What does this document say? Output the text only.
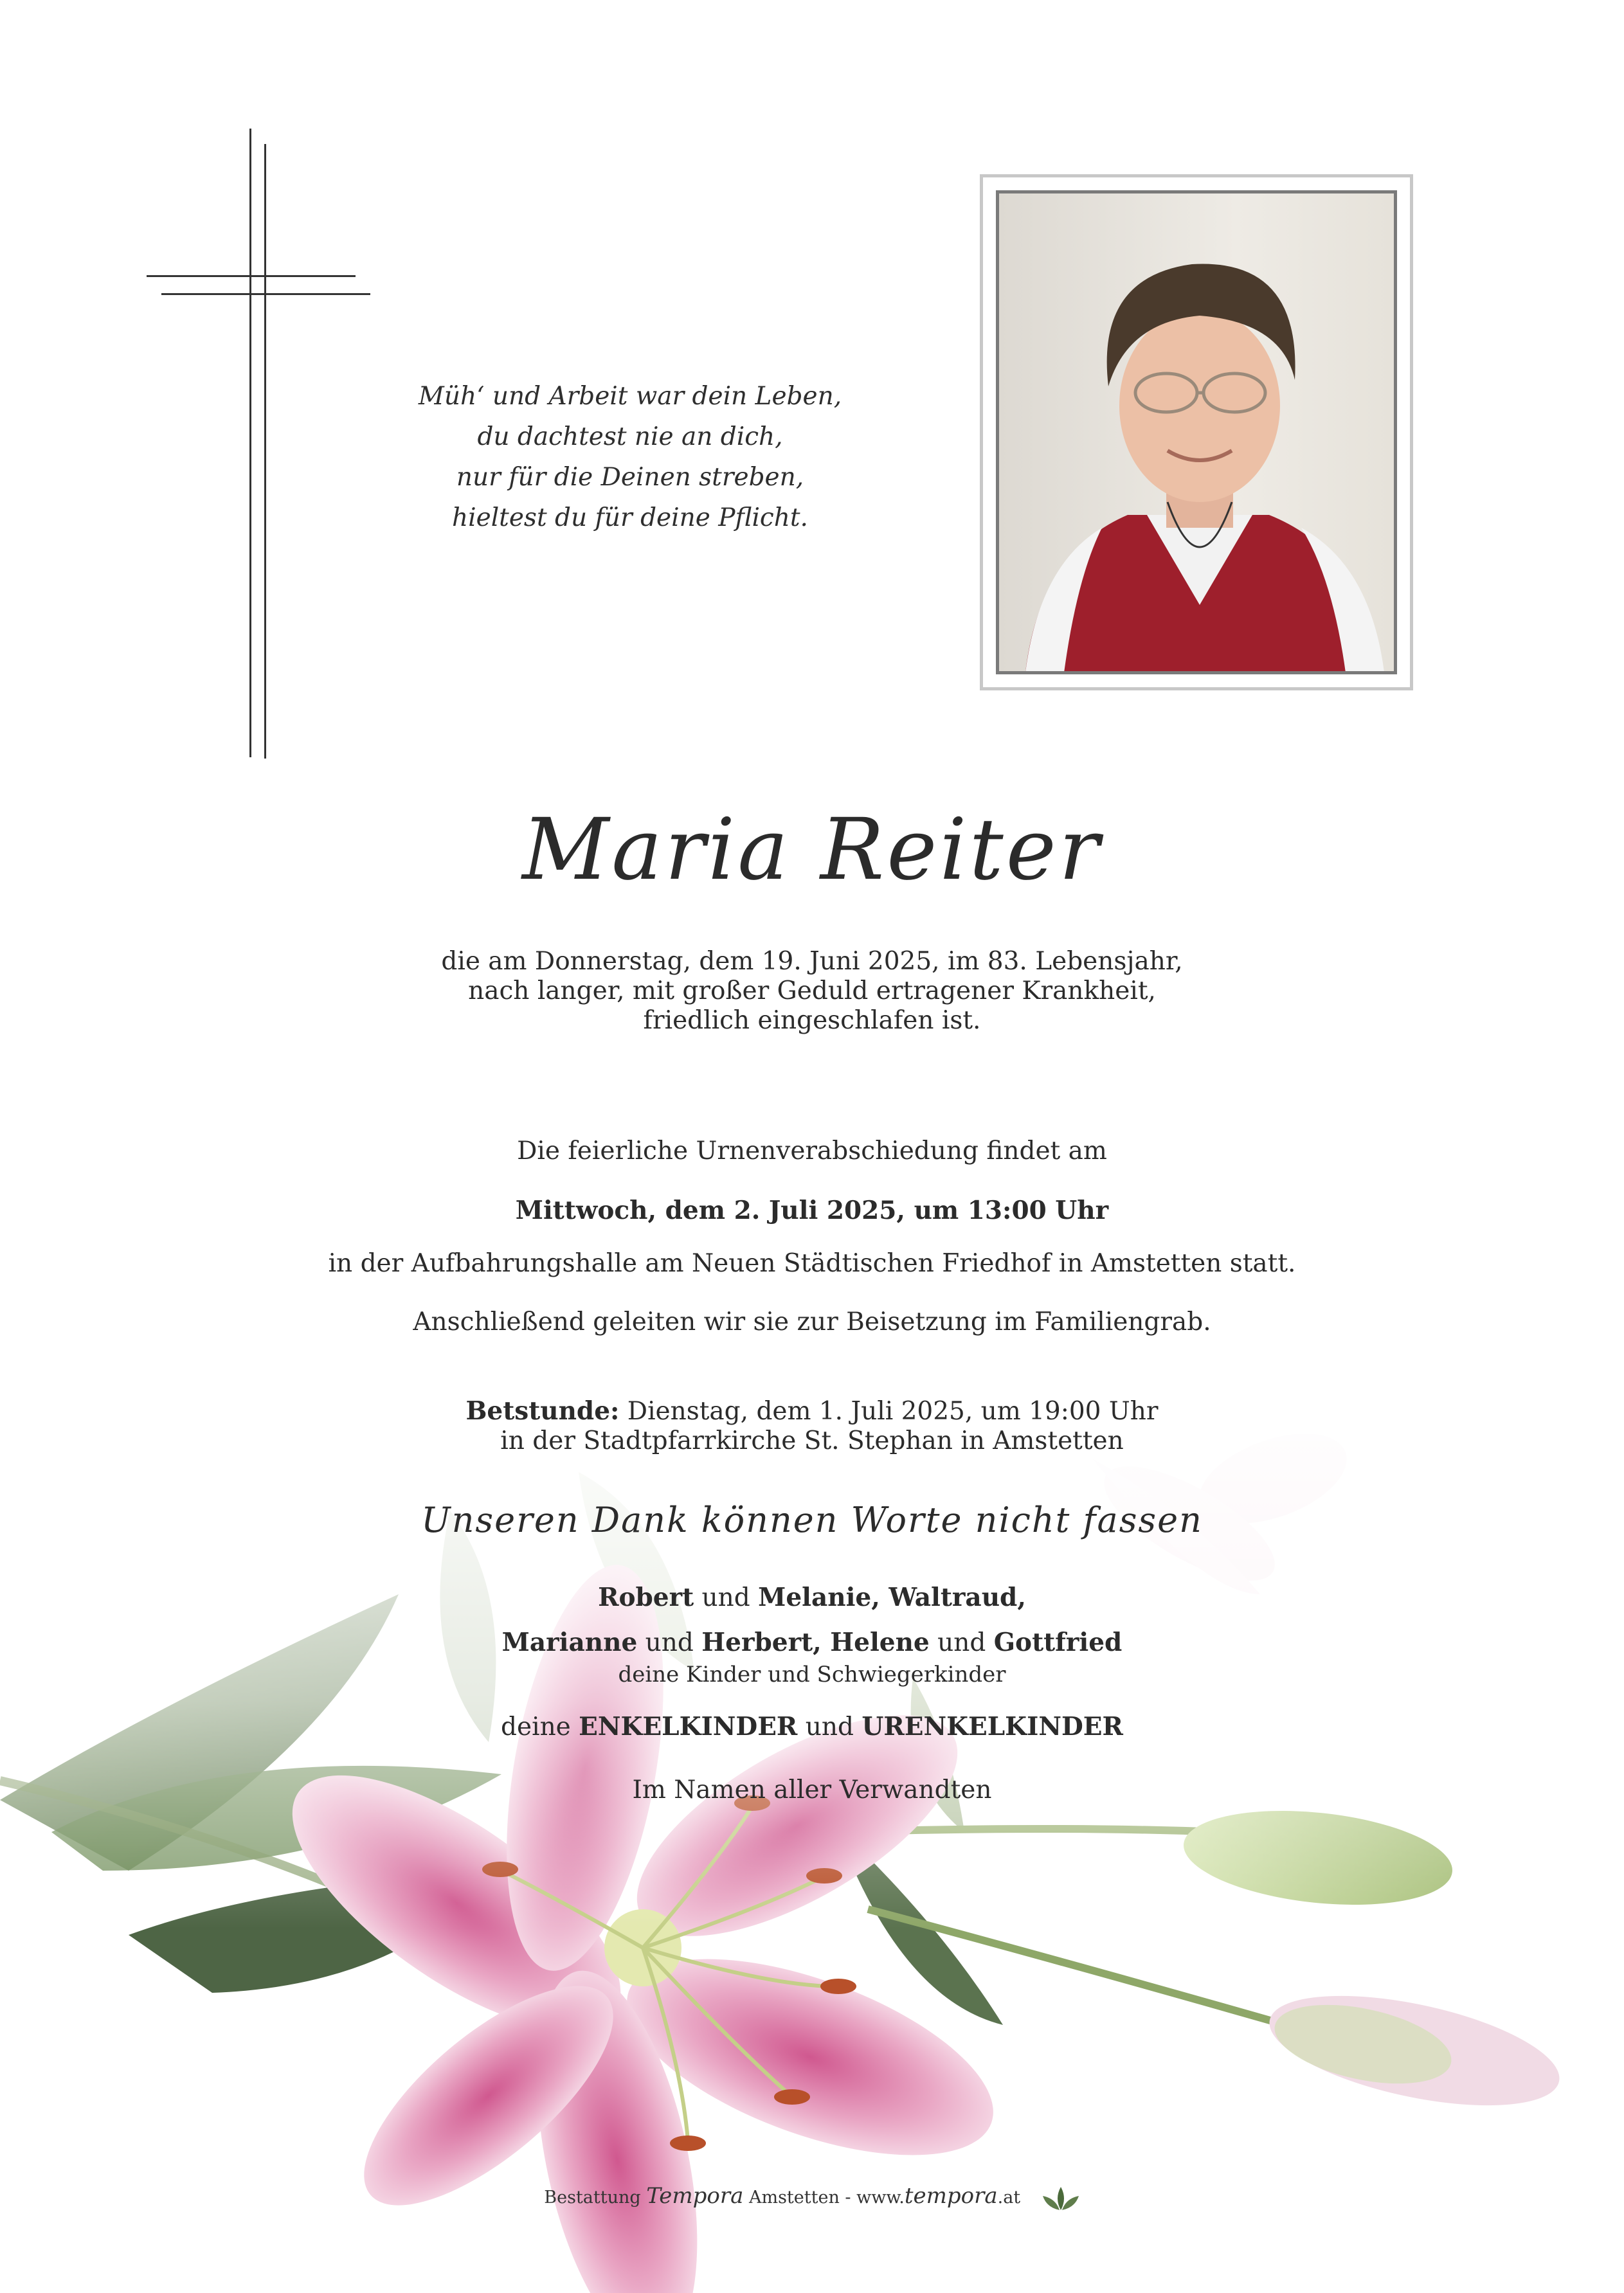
Müh‘ und Arbeit war dein Leben,
du dachtest nie an dich,
nur für die Deinen streben,
hieltest du für deine Pflicht.
Maria Reiter
die am Donnerstag, dem 19. Juni 2025, im 83. Lebensjahr,
nach langer, mit großer Geduld ertragener Krankheit,
friedlich eingeschlafen ist.
Die feierliche Urnenverabschiedung findet am
Mittwoch, dem 2. Juli 2025, um 13:00 Uhr
in der Aufbahrungshalle am Neuen Städtischen Friedhof in Amstetten statt.
Anschließend geleiten wir sie zur Beisetzung im Familiengrab.
Betstunde: Dienstag, dem 1. Juli 2025, um 19:00 Uhr
in der Stadtpfarrkirche St. Stephan in Amstetten
Unseren Dank können Worte nicht fassen
Robert und Melanie, Waltraud,
Marianne und Herbert, Helene und Gottfried
deine Kinder und Schwiegerkinder
deine ENKELKINDER und URENKELKINDER
Im Namen aller Verwandten
Bestattung Tempora Amstetten - www.tempora.at
